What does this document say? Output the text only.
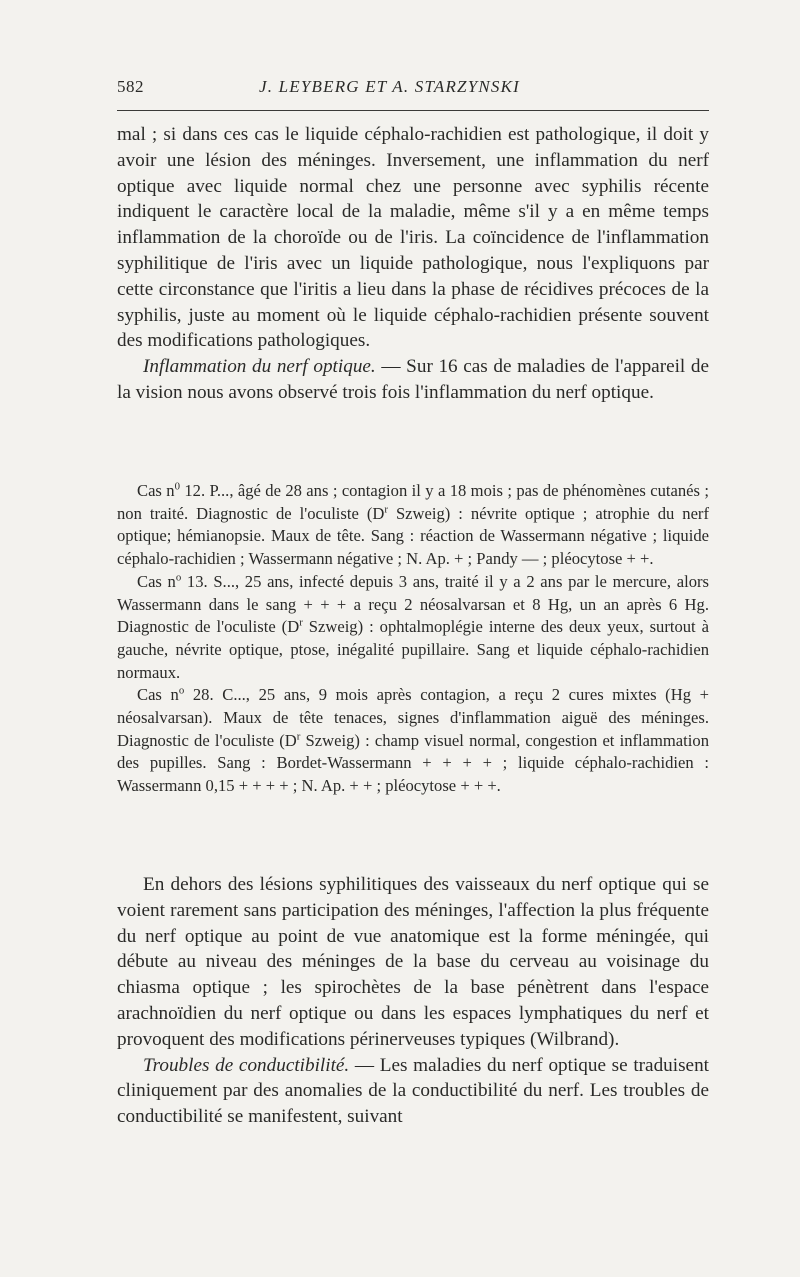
582	J. LEYBERG ET A. STARZYNSKI

mal ; si dans ces cas le liquide céphalo-rachidien est pathologique, il doit y avoir une lésion des méninges. Inversement, une inflammation du nerf optique avec liquide normal chez une personne avec syphilis récente indiquent le caractère local de la maladie, même s'il y a en même temps inflammation de la choroïde ou de l'iris. La coïncidence de l'inflammation syphilitique de l'iris avec un liquide pathologique, nous l'expliquons par cette circonstance que l'iritis a lieu dans la phase de récidives précoces de la syphilis, juste au moment où le liquide céphalo-rachidien présente souvent des modifications pathologiques.

Inflammation du nerf optique. — Sur 16 cas de maladies de l'appareil de la vision nous avons observé trois fois l'inflammation du nerf optique.

Cas $n^0$ 12. P..., âgé de 28 ans ; contagion il y a 18 mois ; pas de phénomènes cutanés ; non traité. Diagnostic de l'oculiste ($D^r$ Szweig) : névrite optique ; atrophie du nerf optique; hémianopsie. Maux de tête. Sang : réaction de Wassermann négative ; liquide céphalo-rachidien ; Wassermann négative ; N. Ap. + ; Pandy — ; pléocytose + +.

Cas $n^o$ 13. S..., 25 ans, infecté depuis 3 ans, traité il y a 2 ans par le mercure, alors Wassermann dans le sang + + + a reçu 2 néosalvarsan et 8 Hg, un an après 6 Hg. Diagnostic de l'oculiste ($D^r$ Szweig) : ophtalmoplégie interne des deux yeux, surtout à gauche, névrite optique, ptose, inégalité pupillaire. Sang et liquide céphalo-rachidien normaux.

Cas $n^o$ 28. C..., 25 ans, 9 mois après contagion, a reçu 2 cures mixtes (Hg + néosalvarsan). Maux de tête tenaces, signes d'inflammation aiguë des méninges. Diagnostic de l'oculiste ($D^r$ Szweig) : champ visuel normal, congestion et inflammation des pupilles. Sang : Bordet-Wassermann + + + + ; liquide céphalo-rachidien : Wassermann 0,15 + + + + ; N. Ap. + + ; pléocytose + + +.

En dehors des lésions syphilitiques des vaisseaux du nerf optique qui se voient rarement sans participation des méninges, l'affection la plus fréquente du nerf optique au point de vue anatomique est la forme méningée, qui débute au niveau des méninges de la base du cerveau au voisinage du chiasma optique ; les spirochètes de la base pénètrent dans l'espace arachnoïdien du nerf optique ou dans les espaces lymphatiques du nerf et provoquent des modifications périnerveuses typiques (Wilbrand).

Troubles de conductibilité. — Les maladies du nerf optique se traduisent cliniquement par des anomalies de la conductibilité du nerf. Les troubles de conductibilité se manifestent, suivant
